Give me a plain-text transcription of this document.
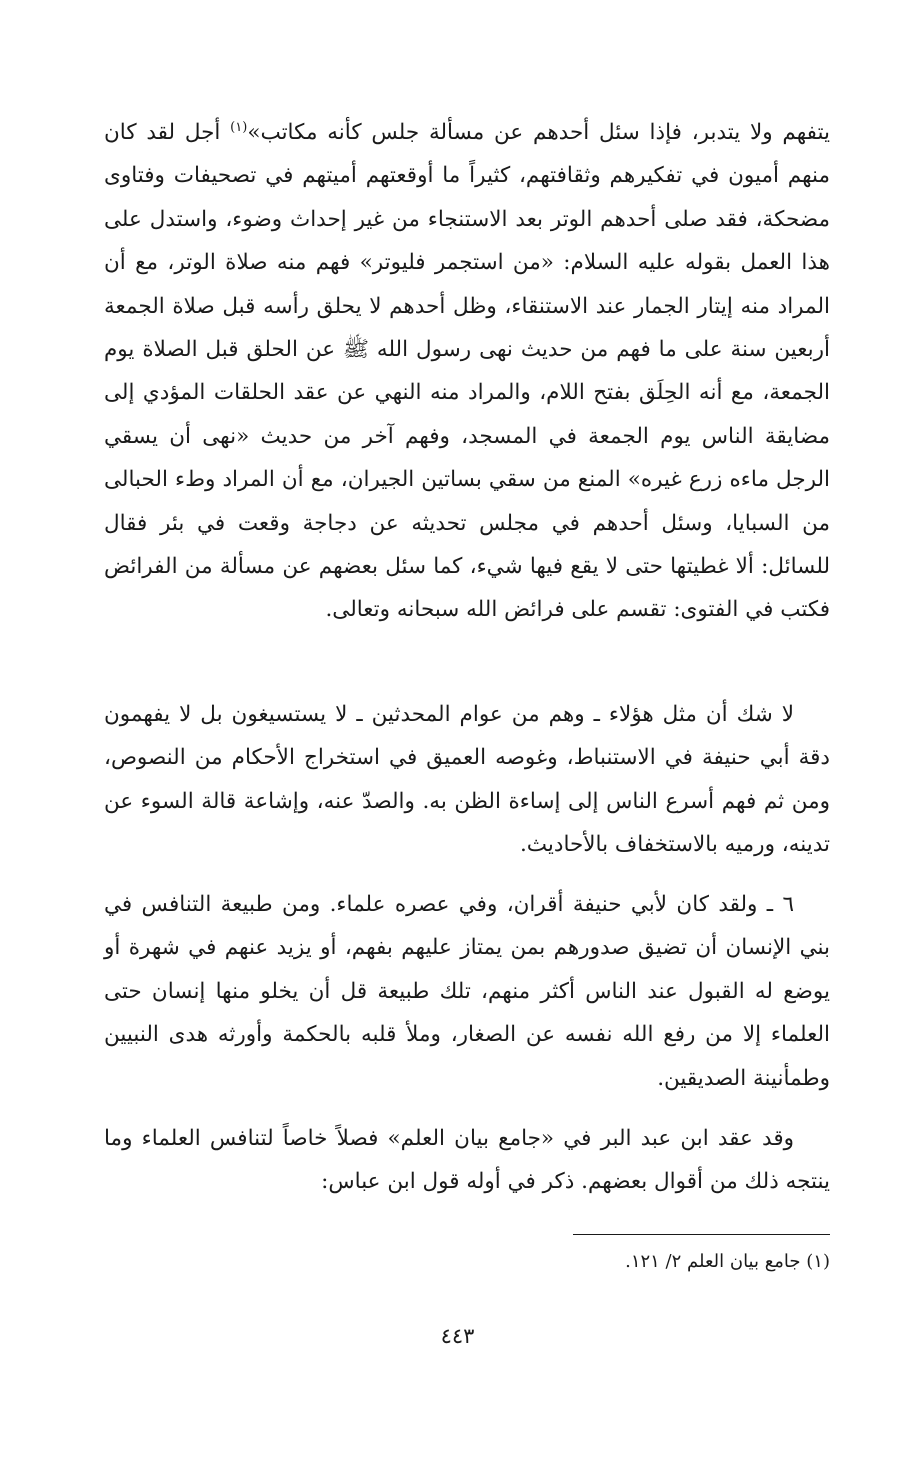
يتفهم ولا يتدبر، فإذا سئل أحدهم عن مسألة جلس كأنه مكاتب»$^{(١)}$ أجل لقد كان منهم أميون في تفكيرهم وثقافتهم، كثيراً ما أوقعتهم أميتهم في تصحيفات وفتاوى مضحكة، فقد صلى أحدهم الوتر بعد الاستنجاء من غير إحداث وضوء، واستدل على هذا العمل بقوله عليه السلام: «من استجمر فليوتر» فهم منه صلاة الوتر، مع أن المراد منه إيتار الجمار عند الاستنقاء، وظل أحدهم لا يحلق رأسه قبل صلاة الجمعة أربعين سنة على ما فهم من حديث نهى رسول الله ﷺ عن الحلق قبل الصلاة يوم الجمعة، مع أنه الحِلَق بفتح اللام، والمراد منه النهي عن عقد الحلقات المؤدي إلى مضايقة الناس يوم الجمعة في المسجد، وفهم آخر من حديث «نهى أن يسقي الرجل ماءه زرع غيره» المنع من سقي بساتين الجيران، مع أن المراد وطء الحبالى من السبايا، وسئل أحدهم في مجلس تحديثه عن دجاجة وقعت في بئر فقال للسائل: ألا غطيتها حتى لا يقع فيها شيء، كما سئل بعضهم عن مسألة من الفرائض فكتب في الفتوى: تقسم على فرائض الله سبحانه وتعالى.
لا شك أن مثل هؤلاء ـ وهم من عوام المحدثين ـ لا يستسيغون بل لا يفهمون دقة أبي حنيفة في الاستنباط، وغوصه العميق في استخراج الأحكام من النصوص، ومن ثم فهم أسرع الناس إلى إساءة الظن به. والصدّ عنه، وإشاعة قالة السوء عن تدينه، ورميه بالاستخفاف بالأحاديث.
٦ ـ ولقد كان لأبي حنيفة أقران، وفي عصره علماء. ومن طبيعة التنافس في بني الإنسان أن تضيق صدورهم بمن يمتاز عليهم بفهم، أو يزيد عنهم في شهرة أو يوضع له القبول عند الناس أكثر منهم، تلك طبيعة قل أن يخلو منها إنسان حتى العلماء إلا من رفع الله نفسه عن الصغار، وملأ قلبه بالحكمة وأورثه هدى النبيين وطمأنينة الصديقين.
وقد عقد ابن عبد البر في «جامع بيان العلم» فصلاً خاصاً لتنافس العلماء وما ينتجه ذلك من أقوال بعضهم. ذكر في أوله قول ابن عباس:
(١) جامع بيان العلم ٢/ ١٢١.
٤٤٣
